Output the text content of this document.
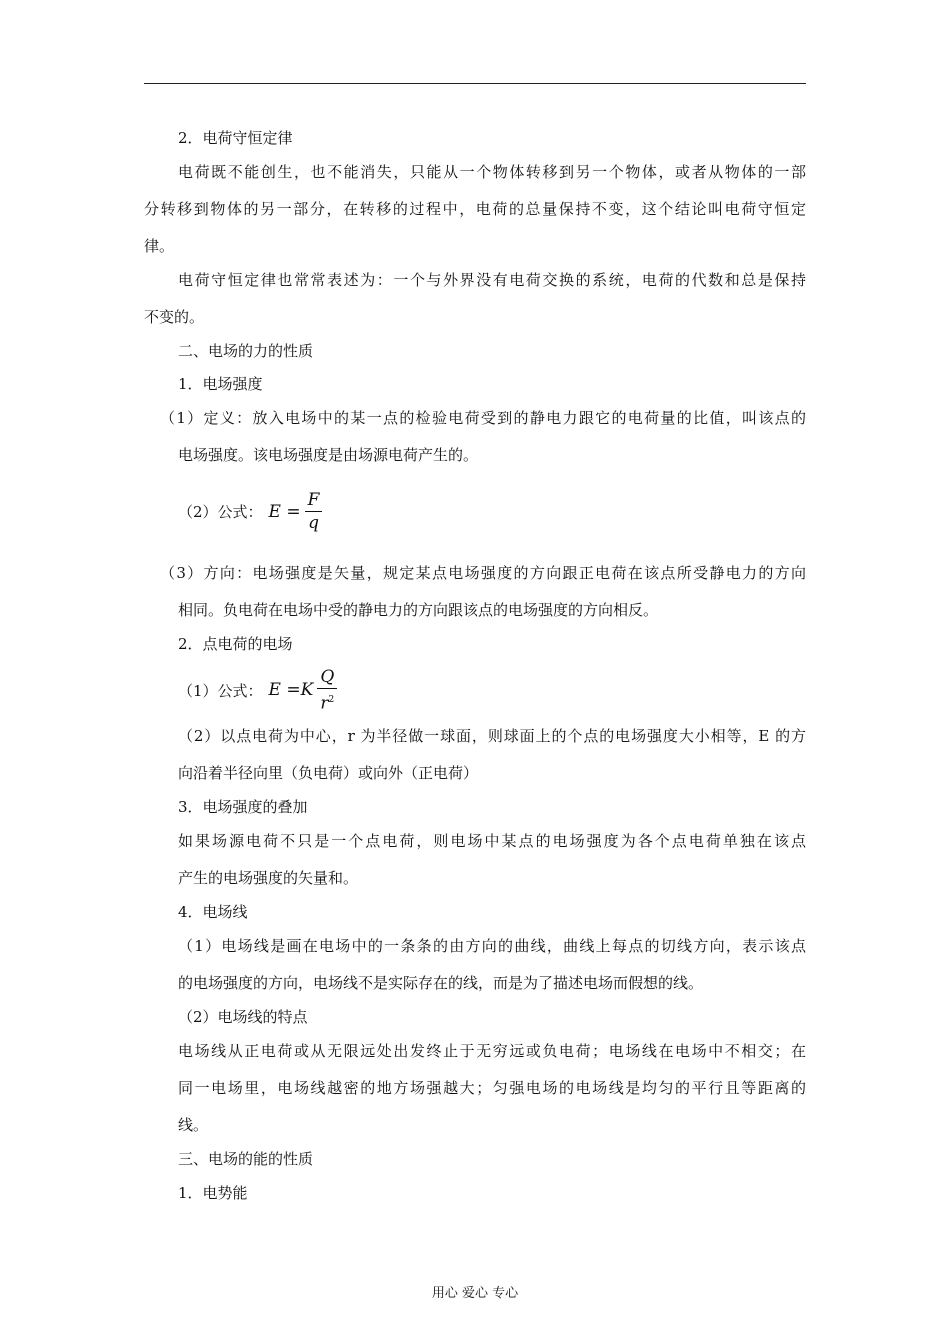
2．电荷守恒定律
电荷既不能创生，也不能消失，只能从一个物体转移到另一个物体，或者从物体的一部
分转移到物体的另一部分，在转移的过程中，电荷的总量保持不变，这个结论叫电荷守恒定
律。
电荷守恒定律也常常表述为：一个与外界没有电荷交换的系统，电荷的代数和总是保持
不变的。
二、电场的力的性质
1．电场强度
（1）定义：放入电场中的某一点的检验电荷受到的静电力跟它的电荷量的比值，叫该点的
电场强度。该电场强度是由场源电荷产生的。
（2）公式： $E = \frac{F}{q}$
（3）方向：电场强度是矢量，规定某点电场强度的方向跟正电荷在该点所受静电力的方向
相同。负电荷在电场中受的静电力的方向跟该点的电场强度的方向相反。
2．点电荷的电场
（1）公式： $E =K \frac{Q}{r^2}$
（2）以点电荷为中心，r 为半径做一球面，则球面上的个点的电场强度大小相等，E 的方
向沿着半径向里（负电荷）或向外（正电荷）
3．电场强度的叠加
如果场源电荷不只是一个点电荷，则电场中某点的电场强度为各个点电荷单独在该点
产生的电场强度的矢量和。
4．电场线
（1）电场线是画在电场中的一条条的由方向的曲线，曲线上每点的切线方向，表示该点
的电场强度的方向，电场线不是实际存在的线，而是为了描述电场而假想的线。
（2）电场线的特点
电场线从正电荷或从无限远处出发终止于无穷远或负电荷；电场线在电场中不相交；在
同一电场里，电场线越密的地方场强越大；匀强电场的电场线是均匀的平行且等距离的
线。
三、电场的能的性质
1．电势能
用心 爱心 专心
